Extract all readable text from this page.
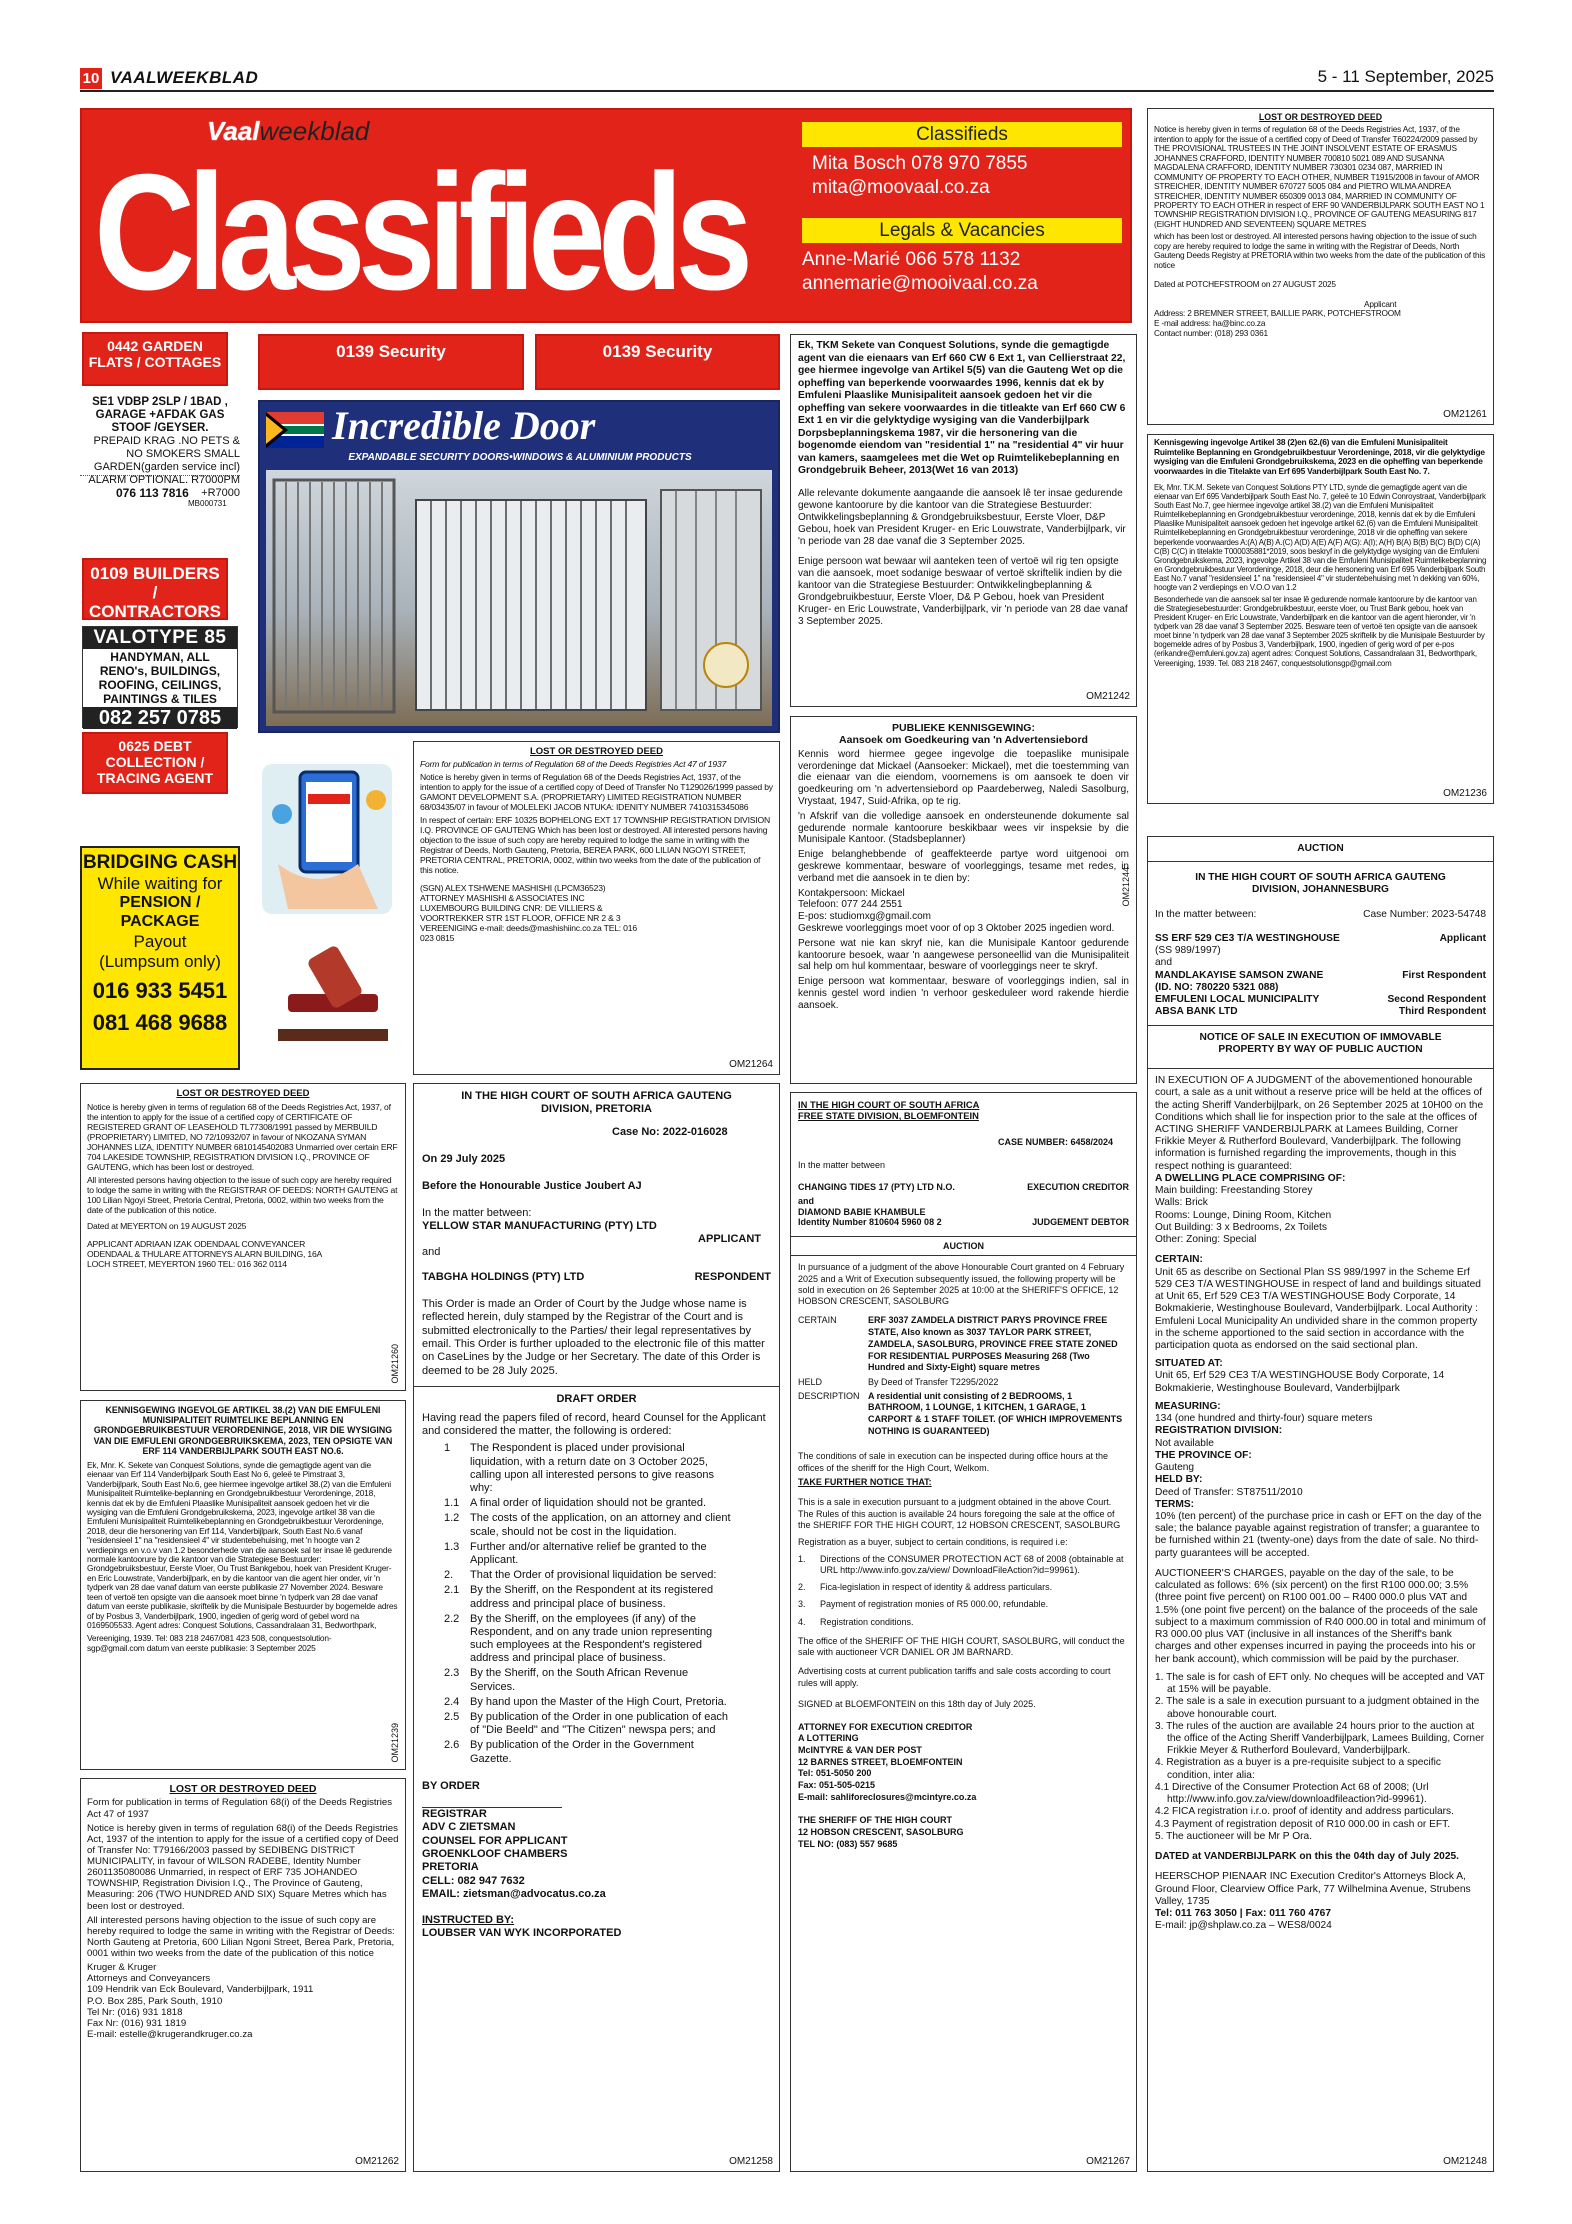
10 VAALWEEKBLAD	5 - 11 September, 2025
Vaalweekblad
Classifieds
Classifieds
Mita Bosch 078 970 7855
mita@moovaal.co.za
Legals & Vacancies
Anne-Marié 066 578 1132
annemarie@mooivaal.co.za
0442 GARDEN FLATS / COTTAGES
SE1 VDBP 2SLP / 1BAD , GARAGE +AFDAK GAS STOOF /GEYSER.
PREPAID KRAG .NO PETS & NO SMOKERS SMALL GARDEN(garden service incl) ALARM OPTIONAL. R7000PM +R7000
076 113 7816
MB000731
0109 BUILDERS / CONTRACTORS
VALOTYPE 85
HANDYMAN, ALL RENO's, BUILDINGS, ROOFING, CEILINGS, PAINTINGS & TILES
082 257 0785
0625 DEBT COLLECTION / TRACING AGENT
BRIDGING CASH
While waiting for
PENSION / PACKAGE
Payout
(Lumpsum only)
016 933 5451
081 468 9688
0139 Security	0139 Security
Incredible Door
EXPANDABLE SECURITY DOORS•WINDOWS & ALUMINIUM PRODUCTS
LOST OR DESTROYED DEED
Form for publication in terms of Regulation 68 of the Deeds Registries Act 47 of 1937
Notice is hereby given in terms of Regulation 68 of the Deeds Registries Act, 1937, of the intention to apply for the issue of a certified copy of Deed of Transfer No T129026/1999 passed by GAMONT DEVELOPMENT S.A. (PROPRIETARY) LIMITED REGISTRATION NUMBER 68/03435/07 in favour of MOLELEKI JACOB NTUKA: IDENITY NUMBER 7410315345086
In respect of certain: ERF 10325 BOPHELONG EXT 17 TOWNSHIP REGISTRATION DIVISION I.Q. PROVINCE OF GAUTENG Which has been lost or destroyed. All interested persons having objection to the issue of such copy are hereby required to lodge the same in writing with the Registrar of Deeds, North Gauteng, Pretoria, BEREA PARK, 600 LILIAN NGOYI STREET, PRETORIA CENTRAL, PRETORIA, 0002, within two weeks from the date of the publication of this notice.
(SGN) ALEX TSHWENE MASHISHI (LPCM36523) ATTORNEY MASHISHI & ASSOCIATES INC LUXEMBOURG BUILDING CNR: DE VILLIERS & VOORTREKKER STR 1ST FLOOR, OFFICE NR 2 & 3 VEREENIGING e-mail: deeds@mashishiinc.co.za TEL: 016 023 0815
OM21264
LOST OR DESTROYED DEED
Notice is hereby given in terms of regulation 68 of the Deeds Registries Act, 1937, of the intention to apply for the issue of a certified copy of CERTIFICATE OF REGISTERED GRANT OF LEASEHOLD TL77308/1991 passed by MERBUILD (PROPRIETARY) LIMITED, NO 72/10932/07 in favour of NKOZANA SYMAN JOHANNES LIZA, IDENTITY NUMBER 6810145402083 Unmarried over certain ERF 704 LAKESIDE TOWNSHIP, REGISTRATION DIVISION I.Q., PROVINCE OF GAUTENG, which has been lost or destroyed.
All interested persons having objection to the issue of such copy are hereby required to lodge the same in writing with the REGISTRAR OF DEEDS: NORTH GAUTENG at 100 Lilian Ngoyi Street, Pretoria Central, Pretoria, 0002, within two weeks from the date of the publication of this notice.
Dated at MEYERTON on 19 AUGUST 2025
APPLICANT ADRIAAN IZAK ODENDAAL CONVEYANCER ODENDAAL & THULARE ATTORNEYS ALARN BUILDING, 16A LOCH STREET, MEYERTON 1960 TEL: 016 362 0114
OM21260
KENNISGEWING INGEVOLGE ARTIKEL 38.(2) VAN DIE EMFULENI MUNISIPALITEIT RUIMTELIKE BEPLANNING EN GRONDGEBRUIKBESTUUR VERORDENINGE, 2018, VIR DIE WYSIGING VAN DIE EMFULENI GRONDGEBRUIKSKEMA, 2023, TEN OPSIGTE VAN ERF 114 VANDERBIJLPARK SOUTH EAST NO.6.
Ek, Mnr. K. Sekete van Conquest Solutions, synde die gemagtigde agent van die eienaar van Erf 114 Vanderbijlpark South East No 6, geleë te Pimstraat 3, Vanderbijlpark, South East No.6, gee hiermee ingevolge artikel 38.(2) van die Emfuleni Munisipaliteit Ruimtelike-beplanning en Grondgebruikbestuur Verordeninge, 2018, kennis dat ek by die Emfuleni Plaaslike Munisipaliteit aansoek gedoen het vir die wysiging van die Emfuleni Grondgebruikskema, 2023, ingevolge artikel 38 van die Emfuleni Munisipaliteit Ruimtelikebeplanning en Grondgebruikbestuur Verordeninge, 2018, deur die hersonering van Erf 114, Vanderbijlpark, South East No.6 vanaf "residensieel 1" na "residensieel 4" vir studentebehuising, met 'n hoogte van 2 verdiepings en v.o.v van 1.2 besonderhede van die aansoek sal ter insae lê gedurende normale kantoorure by die kantoor van die Strategiese Bestuurder: Grondgebruiksbestuur, Eerste Vloer, Ou Trust Bankgebou, hoek van President Kruger- en Eric Louwstrate, Vanderbijlpark, en by die kantoor van die agent hier onder, vir 'n tydperk van 28 dae vanaf datum van eerste publikasie 27 November 2024. Besware teen of vertoë ten opsigte van die aansoek moet binne 'n tydperk van 28 dae vanaf datum van eerste publikasie, skriftelik by die Munisipale Bestuurder by bogemelde adres of by Posbus 3, Vanderbijlpark, 1900, ingedien of gerig word of gebel word na 0169505533. Agent adres: Conquest Solutions, Cassandralaan 31, Bedworthpark,
Vereeniging, 1939. Tel: 083 218 2467/081 423 508, conquestsolution-sgp@gmail.com datum van eerste publikasie: 3 September 2025
OM21239
LOST OR DESTROYED DEED
Form for publication in terms of Regulation 68(i) of the Deeds Registries Act 47 of 1937
Notice is hereby given in terms of regulation 68(i) of the Deeds Registries Act, 1937 of the intention to apply for the issue of a certified copy of Deed of Transfer No: T79166/2003 passed by SEDIBENG DISTRICT MUNICIPALITY, in favour of WILSON RADEBE, Identity Number 2601135080086 Unmarried, in respect of ERF 735 JOHANDEO TOWNSHIP, Registration Division I.Q., The Province of Gauteng, Measuring: 206 (TWO HUNDRED AND SIX) Square Metres which has been lost or destroyed.
All interested persons having objection to the issue of such copy are hereby required to lodge the same in writing with the Registrar of Deeds: North Gauteng at Pretoria, 600 Lilian Ngoni Street, Berea Park, Pretoria, 0001 within two weeks from the date of the publication of this notice
Kruger & Kruger
Attorneys and Conveyancers
109 Hendrik van Eck Boulevard, Vanderbijlpark, 1911
P.O. Box 285, Park South, 1910
Tel Nr: (016) 931 1818
Fax Nr: (016) 931 1819
E-mail: estelle@krugerandkruger.co.za
OM21262
IN THE HIGH COURT OF SOUTH AFRICA GAUTENG DIVISION, PRETORIA
Case No: 2022-016028
On 29 July 2025
Before the Honourable Justice Joubert AJ
In the matter between:
YELLOW STAR MANUFACTURING (PTY) LTD
APPLICANT
and
TABGHA HOLDINGS (PTY) LTD	RESPONDENT
This Order is made an Order of Court by the Judge whose name is reflected herein, duly stamped by the Registrar of the Court and is submitted electronically to the Parties/ their legal representatives by email. This Order is further uploaded to the electronic file of this matter on CaseLines by the Judge or her Secretary. The date of this Order is deemed to be 28 July 2025.
DRAFT ORDER
Having read the papers filed of record, heard Counsel for the Applicant and considered the matter, the following is ordered:
1	The Respondent is placed under provisional liquidation, with a return date on 3 October 2025, calling upon all interested persons to give reasons why:
1.1 A final order of liquidation should not be granted.
1.2 The costs of the application, on an attorney and client scale, should not be cost in the liquidation.
1.3 Further and/or alternative relief be granted to the Applicant.
2.	That the Order of provisional liquidation be served:
2.1 By the Sheriff, on the Respondent at its registered address and principal place of business.
2.2 By the Sheriff, on the employees (if any) of the Respondent, and on any trade union representing such employees at the Respondent's registered address and principal place of business.
2.3 By the Sheriff, on the South African Revenue Services.
2.4 By hand upon the Master of the High Court, Pretoria.
2.5 By publication of the Order in one publication of each of "Die Beeld" and "The Citizen" newspa pers; and
2.6 By publication of the Order in the Government Gazette.
BY ORDER
REGISTRAR
ADV C ZIETSMAN
COUNSEL FOR APPLICANT
GROENKLOOF CHAMBERS
PRETORIA
CELL: 082 947 7632
EMAIL: zietsman@advocatus.co.za
INSTRUCTED BY:
LOUBSER VAN WYK INCORPORATED
OM21258
Ek, TKM Sekete van Conquest Solutions, synde die gemagtigde agent van die eienaars van Erf 660 CW 6 Ext 1, van Cellierstraat 22, gee hiermee ingevolge van Artikel 5(5) van die Gauteng Wet op die opheffing van beperkende voorwaardes 1996, kennis dat ek by Emfuleni Plaaslike Munisipaliteit aansoek gedoen het vir die opheffing van sekere voorwaardes in die titleakte van Erf 660 CW 6 Ext 1 en vir die gelyktydige wysiging van die Vanderbijlpark Dorpsbeplanningskema 1987, vir die hersonering van die bogenomde eiendom van "residential 1" na "residential 4" vir huur van kamers, saamgelees met die Wet op Ruimtelikebeplanning en Grondgebruik Beheer, 2013(Wet 16 van 2013)
Alle relevante dokumente aangaande die aansoek lê ter insae gedurende gewone kantoorure by die kantoor van die Strategiese Bestuurder: Ontwikkelingsbeplanning & Grondgebruiksbestuur, Eerste Vloer, D&P Gebou, hoek van President Kruger- en Eric Louwstrate, Vanderbijlpark, vir 'n periode van 28 dae vanaf die 3 September 2025.
Enige persoon wat bewaar wil aanteken teen of vertoë wil rig ten opsigte van die aansoek, moet sodanige beswaar of vertoë skriftelik indien by die kantoor van die Strategiese Bestuurder: Ontwikkelingbeplanning & Grondgebruikbestuur, Eerste Vloer, D& P Gebou, hoek van President Kruger- en Eric Louwstrate, Vanderbijlpark, vir 'n periode van 28 dae vanaf 3 September 2025.
OM21242
PUBLIEKE KENNISGEWING:
Aansoek om Goedkeuring van 'n Advertensiebord
Kennis word hiermee gegee ingevolge die toepaslike munisipale verordeninge dat Mickael (Aansoeker: Mickael), met die toestemming van die eienaar van die eiendom, voornemens is om aansoek te doen vir goedkeuring om 'n advertensiebord op Paardeberweg, Naledi Sasolburg, Vrystaat, 1947, Suid-Afrika, op te rig.
'n Afskrif van die volledige aansoek en ondersteunende dokumente sal gedurende normale kantoorure beskikbaar wees vir inspeksie by die Munisipale Kantoor. (Stadsbeplanner)
Enige belanghebbende of geaffekteerde partye word uitgenooi om geskrewe kommentaar, besware of voorleggings, tesame met redes, in verband met die aansoek in te dien by:
Kontakpersoon: Mickael
Telefoon: 077 244 2551
E-pos: studiomxg@gmail.com
Geskrewe voorleggings moet voor of op 3 Oktober 2025 ingedien word.
Persone wat nie kan skryf nie, kan die Munisipale Kantoor gedurende kantoorure besoek, waar 'n aangewese personeellid van die Munisipaliteit sal help om hul kommentaar, besware of voorleggings neer te skryf.
Enige persoon wat kommentaar, besware of voorleggings indien, sal in kennis gestel word indien 'n verhoor geskeduleer word rakende hierdie aansoek.
OM21244
IN THE HIGH COURT OF SOUTH AFRICA
FREE STATE DIVISION, BLOEMFONTEIN
CASE NUMBER: 6458/2024
In the matter between
CHANGING TIDES 17 (PTY) LTD N.O.	EXECUTION CREDITOR
and
DIAMOND BABIE KHAMBULE
Identity Number 810604 5960 08 2	JUDGEMENT DEBTOR
AUCTION
In pursuance of a judgment of the above Honourable Court granted on 4 February 2025 and a Writ of Execution subsequently issued, the following property will be sold in execution on 26 September 2025 at 10:00 at the SHERIFF'S OFFICE, 12 HOBSON CRESCENT, SASOLBURG
CERTAIN	ERF 3037 ZAMDELA DISTRICT PARYS PROVINCE FREE STATE, Also known as 3037 TAYLOR PARK STREET, ZAMDELA, SASOLBURG, PROVINCE FREE STATE ZONED FOR RESIDENTIAL PURPOSES Measuring 268 (Two Hundred and Sixty-Eight) square metres
HELD	By Deed of Transfer T2295/2022
DESCRIPTION A residential unit consisting of 2 BEDROOMS, 1 BATHROOM, 1 LOUNGE, 1 KITCHEN, 1 GARAGE, 1 CARPORT & 1 STAFF TOILET. (OF WHICH IMPROVEMENTS NOTHING IS GUARANTEED)
The conditions of sale in execution can be inspected during office hours at the offices of the sheriff for the High Court, Welkom.
TAKE FURTHER NOTICE THAT:
This is a sale in execution pursuant to a judgment obtained in the above Court. The Rules of this auction is available 24 hours foregoing the sale at the office of the SHERIFF FOR THE HIGH COURT, 12 HOBSON CRESCENT, SASOLBURG
Registration as a buyer, subject to certain conditions, is required i.e:
1.	Directions of the CONSUMER PROTECTION ACT 68 of 2008 (obtainable at URL http://www.info.gov.za/view/ DownloadFileAction?id=99961).
2.	Fica-legislation in respect of identity & address particulars.
3.	Payment of registration monies of R5 000.00, refundable.
4.	Registration conditions.
The office of the SHERIFF OF THE HIGH COURT, SASOLBURG, will conduct the sale with auctioneer VCR DANIEL OR JM BARNARD.
Advertising costs at current publication tariffs and sale costs according to court rules will apply.
SIGNED at BLOEMFONTEIN on this 18th day of July 2025.
ATTORNEY FOR EXECUTION CREDITOR
A LOTTERING
McINTYRE & VAN DER POST
12 BARNES STREET, BLOEMFONTEIN
Tel: 051-5050 200
Fax: 051-505-0215
E-mail: sahliforeclosures@mcintyre.co.za
THE SHERIFF OF THE HIGH COURT
12 HOBSON CRESCENT, SASOLBURG
TEL NO: (083) 557 9685
OM21267
LOST OR DESTROYED DEED
Notice is hereby given in terms of regulation 68 of the Deeds Registries Act, 1937, of the intention to apply for the issue of a certified copy of Deed of Transfer T60224/2009 passed by THE PROVISIONAL TRUSTEES IN THE JOINT INSOLVENT ESTATE OF ERASMUS JOHANNES CRAFFORD, IDENTITY NUMBER 700810 5021 089 AND SUSANNA MAGDALENA CRAFFORD, IDENTITY NUMBER 730301 0234 087, MARRIED IN COMMUNITY OF PROPERTY TO EACH OTHER, NUMBER T1915/2008 in favour of AMOR STREICHER, IDENTITY NUMBER 670727 5005 084 and PIETRO WILMA ANDREA STREICHER, IDENTITY NUMBER 650309 0013 084, MARRIED IN COMMUNITY OF PROPERTY TO EACH OTHER in respect of ERF 90 VANDERBIJLPARK SOUTH EAST NO 1 TOWNSHIP REGISTRATION DIVISION I.Q., PROVINCE OF GAUTENG MEASURING 817 (EIGHT HUNDRED AND SEVENTEEN) SQUARE METRES
which has been lost or destroyed. All interested persons having objection to the issue of such copy are hereby required to lodge the same in writing with the Registrar of Deeds, North Gauteng Deeds Registry at PRETORIA within two weeks from the date of the publication of this notice
Dated at POTCHEFSTROOM on 27 AUGUST 2025
Applicant
Address: 2 BREMNER STREET, BAILLIE PARK, POTCHEFSTROOM
E -mail address: ha@binc.co.za
Contact number: (018) 293 0361
OM21261
Kennisgewing ingevolge Artikel 38 (2)en 62.(6) van die Emfuleni Munisipaliteit Ruimtelike Beplanning en Grondgebruikbestuur Verordeninge, 2018, vir die gelyktydige wysiging van die Emfuleni Grondgebruikskema, 2023 en die opheffing van beperkende voorwaardes in die Titelakte van Erf 695 Vanderbijlpark South East No. 7.
Ek, Mnr. T.K.M. Sekete van Conquest Solutions PTY LTD, synde die gemagtigde agent van die eienaar van Erf 695 Vanderbijlpark South East No. 7, geleë te 10 Edwin Conroystraat, Vanderbijlpark South East No.7, gee hiermee ingevolge artikel 38.(2) van die Emfuleni Munisipaliteit Ruimtelikebeplanning en Grondgebruikbestuur verordeninge, 2018, kennis dat ek by die Emfuleni Plaaslike Munisipaliteit aansoek gedoen het ingevolge artikel 62.(6) van die Emfuleni Munisipaliteit Ruimtelikebeplanning en Grondgebruikbestuur verordeninge, 2018 vir die opheffing van sekere beperkende voorwaardes A:(A) A(B) A.(C) A(D) A(E) A(F) A(G): A(I); A(H) B(A) B(B) B(C) B(D) C(A) C(B) C(C) in titelakte T000035881*2019, soos beskryf in die gelyktydige wysiging van die Emfuleni Grondgebruikskema, 2023, ingevolge Artikel 38 van die Emfuleni Munisipaliteit Ruimtelikebeplanning en Grondgebruikbestuur Verordeninge, 2018, deur die hersonering van Erf 695 Vanderbijlpark South East No.7 vanaf "residensieel 1" na "residensieel 4" vir studentebehuising met 'n dekking van 60%, hoogte van 2 verdiepings en V.O.O van 1.2
Besonderhede van die aansoek sal ter insae lê gedurende normale kantoorure by die kantoor van die Strategiesebestuurder: Grondgebruikbestuur, eerste vloer, ou Trust Bank gebou, hoek van President Kruger- en Eric Louwstrate, Vanderbijlpark en die kantoor van die agent hieronder, vir 'n tydperk van 28 dae vanaf 3 September 2025. Besware teen of vertoë ten opsigte van die aansoek moet binne 'n tydperk van 28 dae vanaf 3 September 2025 skriftelik by die Munisipale Bestuurder by bogemelde adres of by Posbus 3, Vanderbijlpark, 1900, ingedien of gerig word of per e-pos (erikandre@emfuleni.gov.za) agent adres: Conquest Solutions, Cassandralaan 31, Bedworthpark, Vereeniging, 1939. Tel. 083 218 2467, conquestsolutionsgp@gmail.com
OM21236
AUCTION
IN THE HIGH COURT OF SOUTH AFRICA GAUTENG DIVISION, JOHANNESBURG
In the matter between:	Case Number: 2023-54748
SS ERF 529 CE3 T/A WESTINGHOUSE	Applicant
(SS 989/1997)
and
MANDLAKAYISE SAMSON ZWANE	First Respondent
(ID. NO: 780220 5321 088)
EMFULENI LOCAL MUNICIPALITY	Second Respondent
ABSA BANK LTD	Third Respondent
NOTICE OF SALE IN EXECUTION OF IMMOVABLE PROPERTY BY WAY OF PUBLIC AUCTION
IN EXECUTION OF A JUDGMENT of the abovementioned honourable court, a sale as a unit without a reserve price will be held at the offices of the acting Sheriff Vanderbijlpark, on 26 September 2025 at 10H00 on the Conditions which shall lie for inspection prior to the sale at the offices of ACTING SHERIFF VANDERBIJLPARK at Lamees Building, Corner Frikkie Meyer & Rutherford Boulevard, Vanderbijlpark. The following information is furnished regarding the improvements, though in this respect nothing is guaranteed:
A DWELLING PLACE COMPRISING OF:
Main building: Freestanding Storey
Walls: Brick
Rooms: Lounge, Dining Room, Kitchen
Out Building: 3 x Bedrooms, 2x Toilets
Other: Zoning: Special
CERTAIN:
Unit 65 as describe on Sectional Plan SS 989/1997 in the Scheme Erf 529 CE3 T/A WESTINGHOUSE in respect of land and buildings situated at Unit 65, Erf 529 CE3 T/A WESTINGHOUSE Body Corporate, 14 Bokmakierie, Westinghouse Boulevard, Vanderbijlpark. Local Authority : Emfuleni Local Municipality An undivided share in the common property in the scheme apportioned to the said section in accordance with the participation quota as endorsed on the said sectional plan.
SITUATED AT:
Unit 65, Erf 529 CE3 T/A WESTINGHOUSE Body Corporate, 14 Bokmakierie, Westinghouse Boulevard, Vanderbijlpark
MEASURING:
134 (one hundred and thirty-four) square meters
REGISTRATION DIVISION:
Not available
THE PROVINCE OF:
Gauteng
HELD BY:
Deed of Transfer: ST87511/2010
TERMS:
10% (ten percent) of the purchase price in cash or EFT on the day of the sale; the balance payable against registration of transfer; a guarantee to be furnished within 21 (twenty-one) days from the date of sale. No third-party guarantees will be accepted.
AUCTIONEER'S CHARGES, payable on the day of the sale, to be calculated as follows: 6% (six percent) on the first R100 000.00; 3.5% (three point five percent) on R100 001.00 – R400 000.0 plus VAT and 1.5% (one point five percent) on the balance of the proceeds of the sale subject to a maximum commission of R40 000.00 in total and minimum of R3 000.00 plus VAT (inclusive in all instances of the Sheriff's bank charges and other expenses incurred in paying the proceeds into his or her bank account), which commission will be paid by the purchaser.
1. The sale is for cash of EFT only. No cheques will be accepted and VAT at 15% will be payable.
2. The sale is a sale in execution pursuant to a judgment obtained in the above honourable court.
3. The rules of the auction are available 24 hours prior to the auction at the office of the Acting Sheriff Vanderbijlpark, Lamees Building, Corner Frikkie Meyer & Rutherford Boulevard, Vanderbijlpark.
4. Registration as a buyer is a pre-requisite subject to a specific condition, inter alia:
4.1 Directive of the Consumer Protection Act 68 of 2008; (Url http://www.info.gov.za/view/downloadfileaction?id-99961).
4.2 FICA registration i.r.o. proof of identity and address particulars.
4.3 Payment of registration deposit of R10 000.00 in cash or EFT.
5. The auctioneer will be Mr P Ora.
DATED at VANDERBIJLPARK on this the 04th day of July 2025.
HEERSCHOP PIENAAR INC Execution Creditor's Attorneys Block A, Ground Floor, Clearview Office Park, 77 Wilhelmina Avenue, Strubens Valley, 1735
Tel: 011 763 3050 | Fax: 011 760 4767
E-mail: jp@shplaw.co.za – WES8/0024
OM21248
